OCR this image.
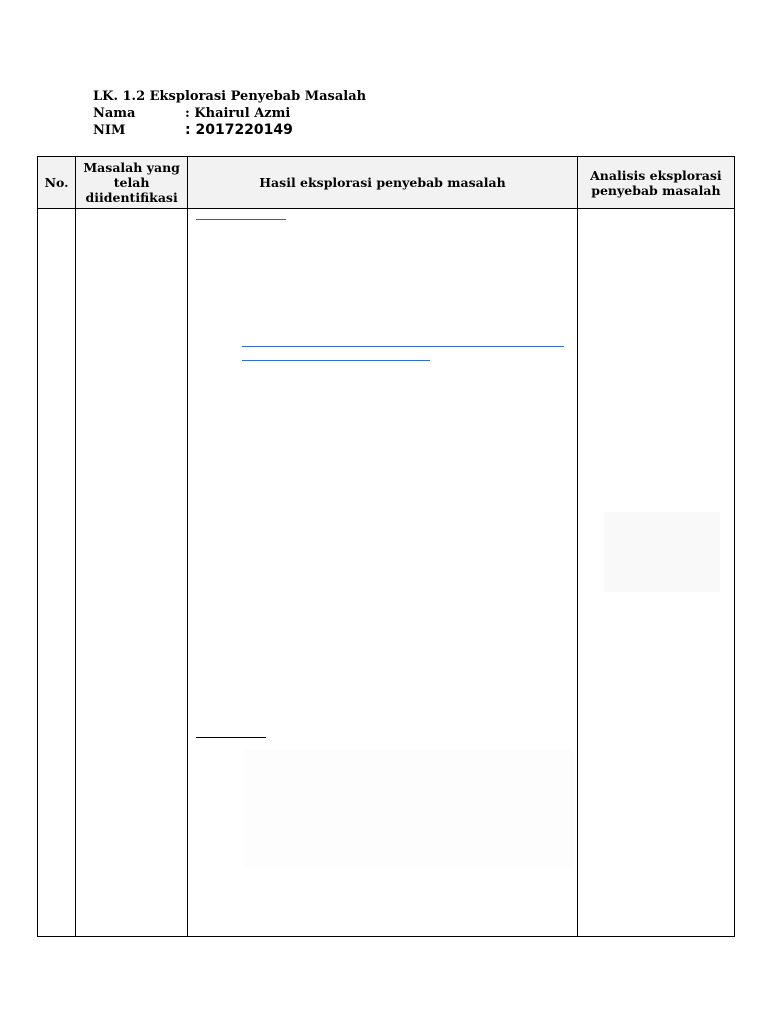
LK. 1.2 Eksplorasi Penyebab Masalah
Nama	: Khairul Azmi
NIM	: 2017220149
No.	Masalah yang telah diidentifikasi	Hasil eksplorasi penyebab masalah	Analisis eksplorasi penyebab masalah
